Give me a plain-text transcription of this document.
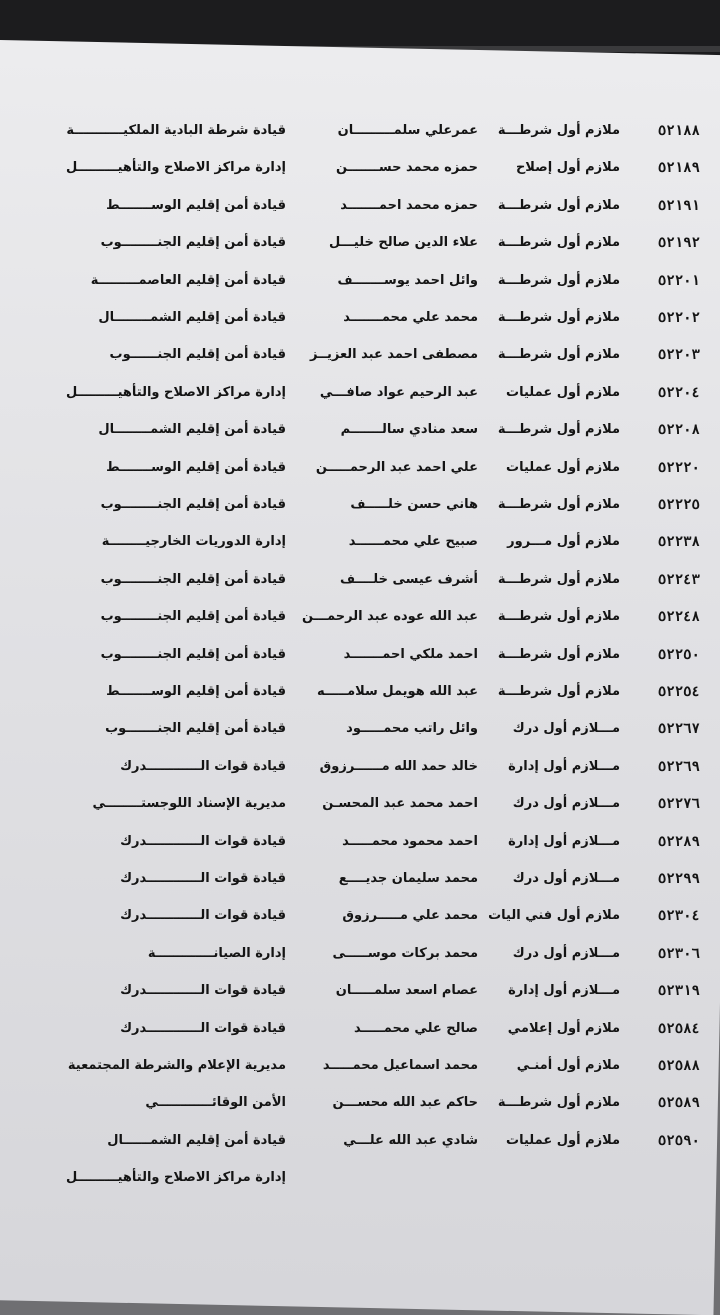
٥٢١٨٨
ملازم أول شرطـــة
عمرعلي سلمـــــــــان
قيادة شرطة البادية الملكيـــــــــــة
٥٢١٨٩
ملازم أول إصلاح
حمزه محمد حســـــــن
إدارة مراكز الاصلاح والتأهيـــــــــل
٥٢١٩١
ملازم أول شرطـــة
حمزه محمد احمـــــــد
قيادة أمن إقليم الوســـــــط
٥٢١٩٢
ملازم أول شرطـــة
علاء الدين صالح خليـــل
قيادة أمن إقليم الجنــــــــوب
٥٢٢٠١
ملازم أول شرطـــة
وائل احمد يوســـــــف
قيادة أمن إقليم العاصمـــــــــة
٥٢٢٠٢
ملازم أول شرطـــة
محمد علي محمـــــــد
قيادة أمن إقليم الشمــــــــال
٥٢٢٠٣
ملازم أول شرطـــة
مصطفى احمد عبد العزيــز
قيادة أمن إقليم الجنــــــوب
٥٢٢٠٤
ملازم أول عمليات
عبد الرحيم عواد صافـــي
إدارة مراكز الاصلاح والتأهيـــــــــل
٥٢٢٠٨
ملازم أول شرطـــة
سعد منادي سالـــــــم
قيادة أمن إقليم الشمــــــــال
٥٢٢٢٠
ملازم أول عمليات
علي احمد عبد الرحمـــــن
قيادة أمن إقليم الوســـــــط
٥٢٢٢٥
ملازم أول شرطـــة
هاني حسن خلـــــف
قيادة أمن إقليم الجنــــــــوب
٥٢٢٣٨
ملازم أول مـــرور
صبيح علي محمــــــد
إدارة الدوريات الخارجيــــــــة
٥٢٢٤٣
ملازم أول شرطـــة
أشرف عيسى خلــــف
قيادة أمن إقليم الجنــــــــوب
٥٢٢٤٨
ملازم أول شرطـــة
عبد الله عوده عبد الرحمـــن
قيادة أمن إقليم الجنــــــــوب
٥٢٢٥٠
ملازم أول شرطـــة
احمد ملكي احمـــــــد
قيادة أمن إقليم الجنــــــــوب
٥٢٢٥٤
ملازم أول شرطـــة
عبد الله هويمل سلامـــــه
قيادة أمن إقليم الوســـــــط
٥٢٢٦٧
مـــلازم أول درك
وائل راتب محمـــــود
قيادة أمن إقليم الجنـــــــوب
٥٢٢٦٩
مـــلازم أول إدارة
خالد حمد الله مــــــرزوق
قيادة قوات الــــــــــــدرك
٥٢٢٧٦
مـــلازم أول درك
احمد محمد عبد المحسـن
مديرية الإسناد اللوجستــــــــي
٥٢٢٨٩
مـــلازم أول إدارة
احمد محمود محمـــــد
قيادة قوات الــــــــــــدرك
٥٢٢٩٩
مـــلازم أول درك
محمد سليمان جديــــع
قيادة قوات الــــــــــــدرك
٥٢٣٠٤
ملازم أول فني اليات
محمد علي مـــــرزوق
قيادة قوات الــــــــــــدرك
٥٢٣٠٦
مـــلازم أول درك
محمد بركات موســـــى
إدارة الصيانـــــــــــــة
٥٢٣١٩
مـــلازم أول إدارة
عصام اسعد سلمـــــان
قيادة قوات الــــــــــــدرك
٥٢٥٨٤
ملازم أول إعلامي
صالح علي محمـــــد
قيادة قوات الــــــــــــدرك
٥٢٥٨٨
ملازم أول أمنـي
محمد اسماعيل محمـــــد
مديرية الإعلام والشرطة المجتمعية
٥٢٥٨٩
ملازم أول شرطـــة
حاكم عبد الله محســـن
الأمن الوقائــــــــــــي
٥٢٥٩٠
ملازم أول عمليات
شادي عبد الله علـــي
قيادة أمن إقليم الشمــــــال
إدارة مراكز الاصلاح والتأهيـــــــــل
